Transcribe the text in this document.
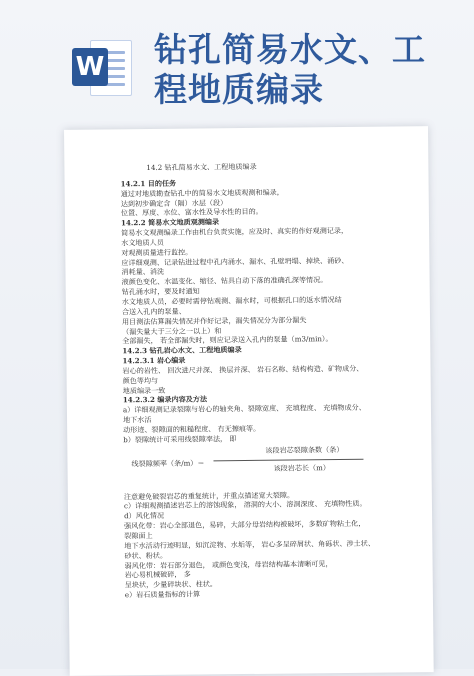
W 钻孔简易水文、工
程地质编录
14.2 钻孔简易水文、工程地质编录
14.2.1 目的任务
通过对地质勘查钻孔中的简易水文地质观测和编录，
达到初步确定含（隔）水层（段）
位置、厚度、水位、富水性及导水性的目的。
14.2.2 简易水文地质观测编录
简易水文观测编录工作由机台负责实施，应及时、真实的作好观测记录，
水文地质人员
对观测质量进行监控。
应详细观测、记录钻进过程中孔内涌水、漏水、孔壁坍塌、掉块、涌砂、
消耗量、消洗
液颜色变化、水温变化、缩径、钻具自动下落的准确孔深等情况。
钻孔涌水时，要及时通知
水文地质人员，必要时需停钻观测、漏水时，可根据孔口的返水情况结
合送入孔内的泵量、
用目测法估算漏失情况并作好记录，漏失情况分为部分漏失
（漏失量大于三分之一以上）和
全部漏失， 若全部漏失时，则应记录送入孔内的泵量（m3/min）。
14.2.3 钻孔岩心水文、工程地质编录
14.2.3.1 岩心编录
岩心的岩性、 回次进尺并深、 换层并深、 岩石名称、结构构造、矿物成分、
颜色等均与
地质编录一致
14.2.3.2 编录内容及方法
a）详细观测记录裂隙与岩心的轴夹角、裂隙宽度、 充填程度、 充填物成分、
地下水活
动形迹、裂隙面的粗糙程度、 有无擦痕等。
b）裂隙统计可采用线裂隙率法， 即
线裂隙频率（条/m）＝
该段岩芯裂隙条数（条）
该段岩芯长（m）
注意避免破裂岩芯的重复统计，并重点描述宽大裂隙。
c）详细观测描述岩芯上的溶蚀现象， 溶洞的大小、溶洞深度、 充填物性质。
d）风化情况
强风化带：岩心全部退色，易碎，大部分母岩结构被破坏，多数矿物粘土化，
裂隙面上
地下水活动行迹明显，如沉淀物、水垢等， 岩心多呈碎屑状、角砾状、涉土状、
砂状、粉状。
弱风化带：岩石部分退色， 或颜色变浅，母岩结构基本清晰可见，
岩心易机械破碎， 多
呈块状，少量碎块状、柱状。
e）岩石质量指标的计算
